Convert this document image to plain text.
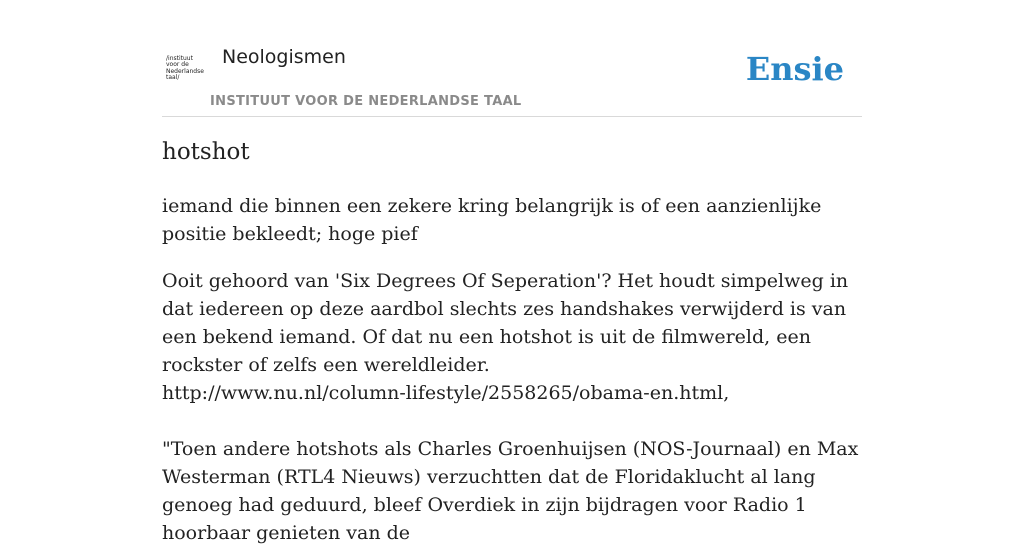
/instituut
voor de
Nederlandse
taal/
Neologismen
INSTITUUT VOOR DE NEDERLANDSE TAAL
Ensie
hotshot
iemand die binnen een zekere kring belangrijk is of een aanzienlijke positie bekleedt; hoge pief

Ooit gehoord van 'Six Degrees Of Seperation'? Het houdt simpelweg in dat iedereen op deze aardbol slechts zes handshakes verwijderd is van een bekend iemand. Of dat nu een hotshot is uit de filmwereld, een rockster of zelfs een wereldleider.

http://www.nu.nl/column-lifestyle/2558265/obama-en.html,

"Toen andere hotshots als Charles Groenhuijsen (NOS-Journaal) en Max Westerman (RTL4 Nieuws) verzuchtten dat de Floridaklucht al lang genoeg had geduurd, bleef Overdiek in zijn bijdragen voor Radio 1 hoorbaar genieten van de
